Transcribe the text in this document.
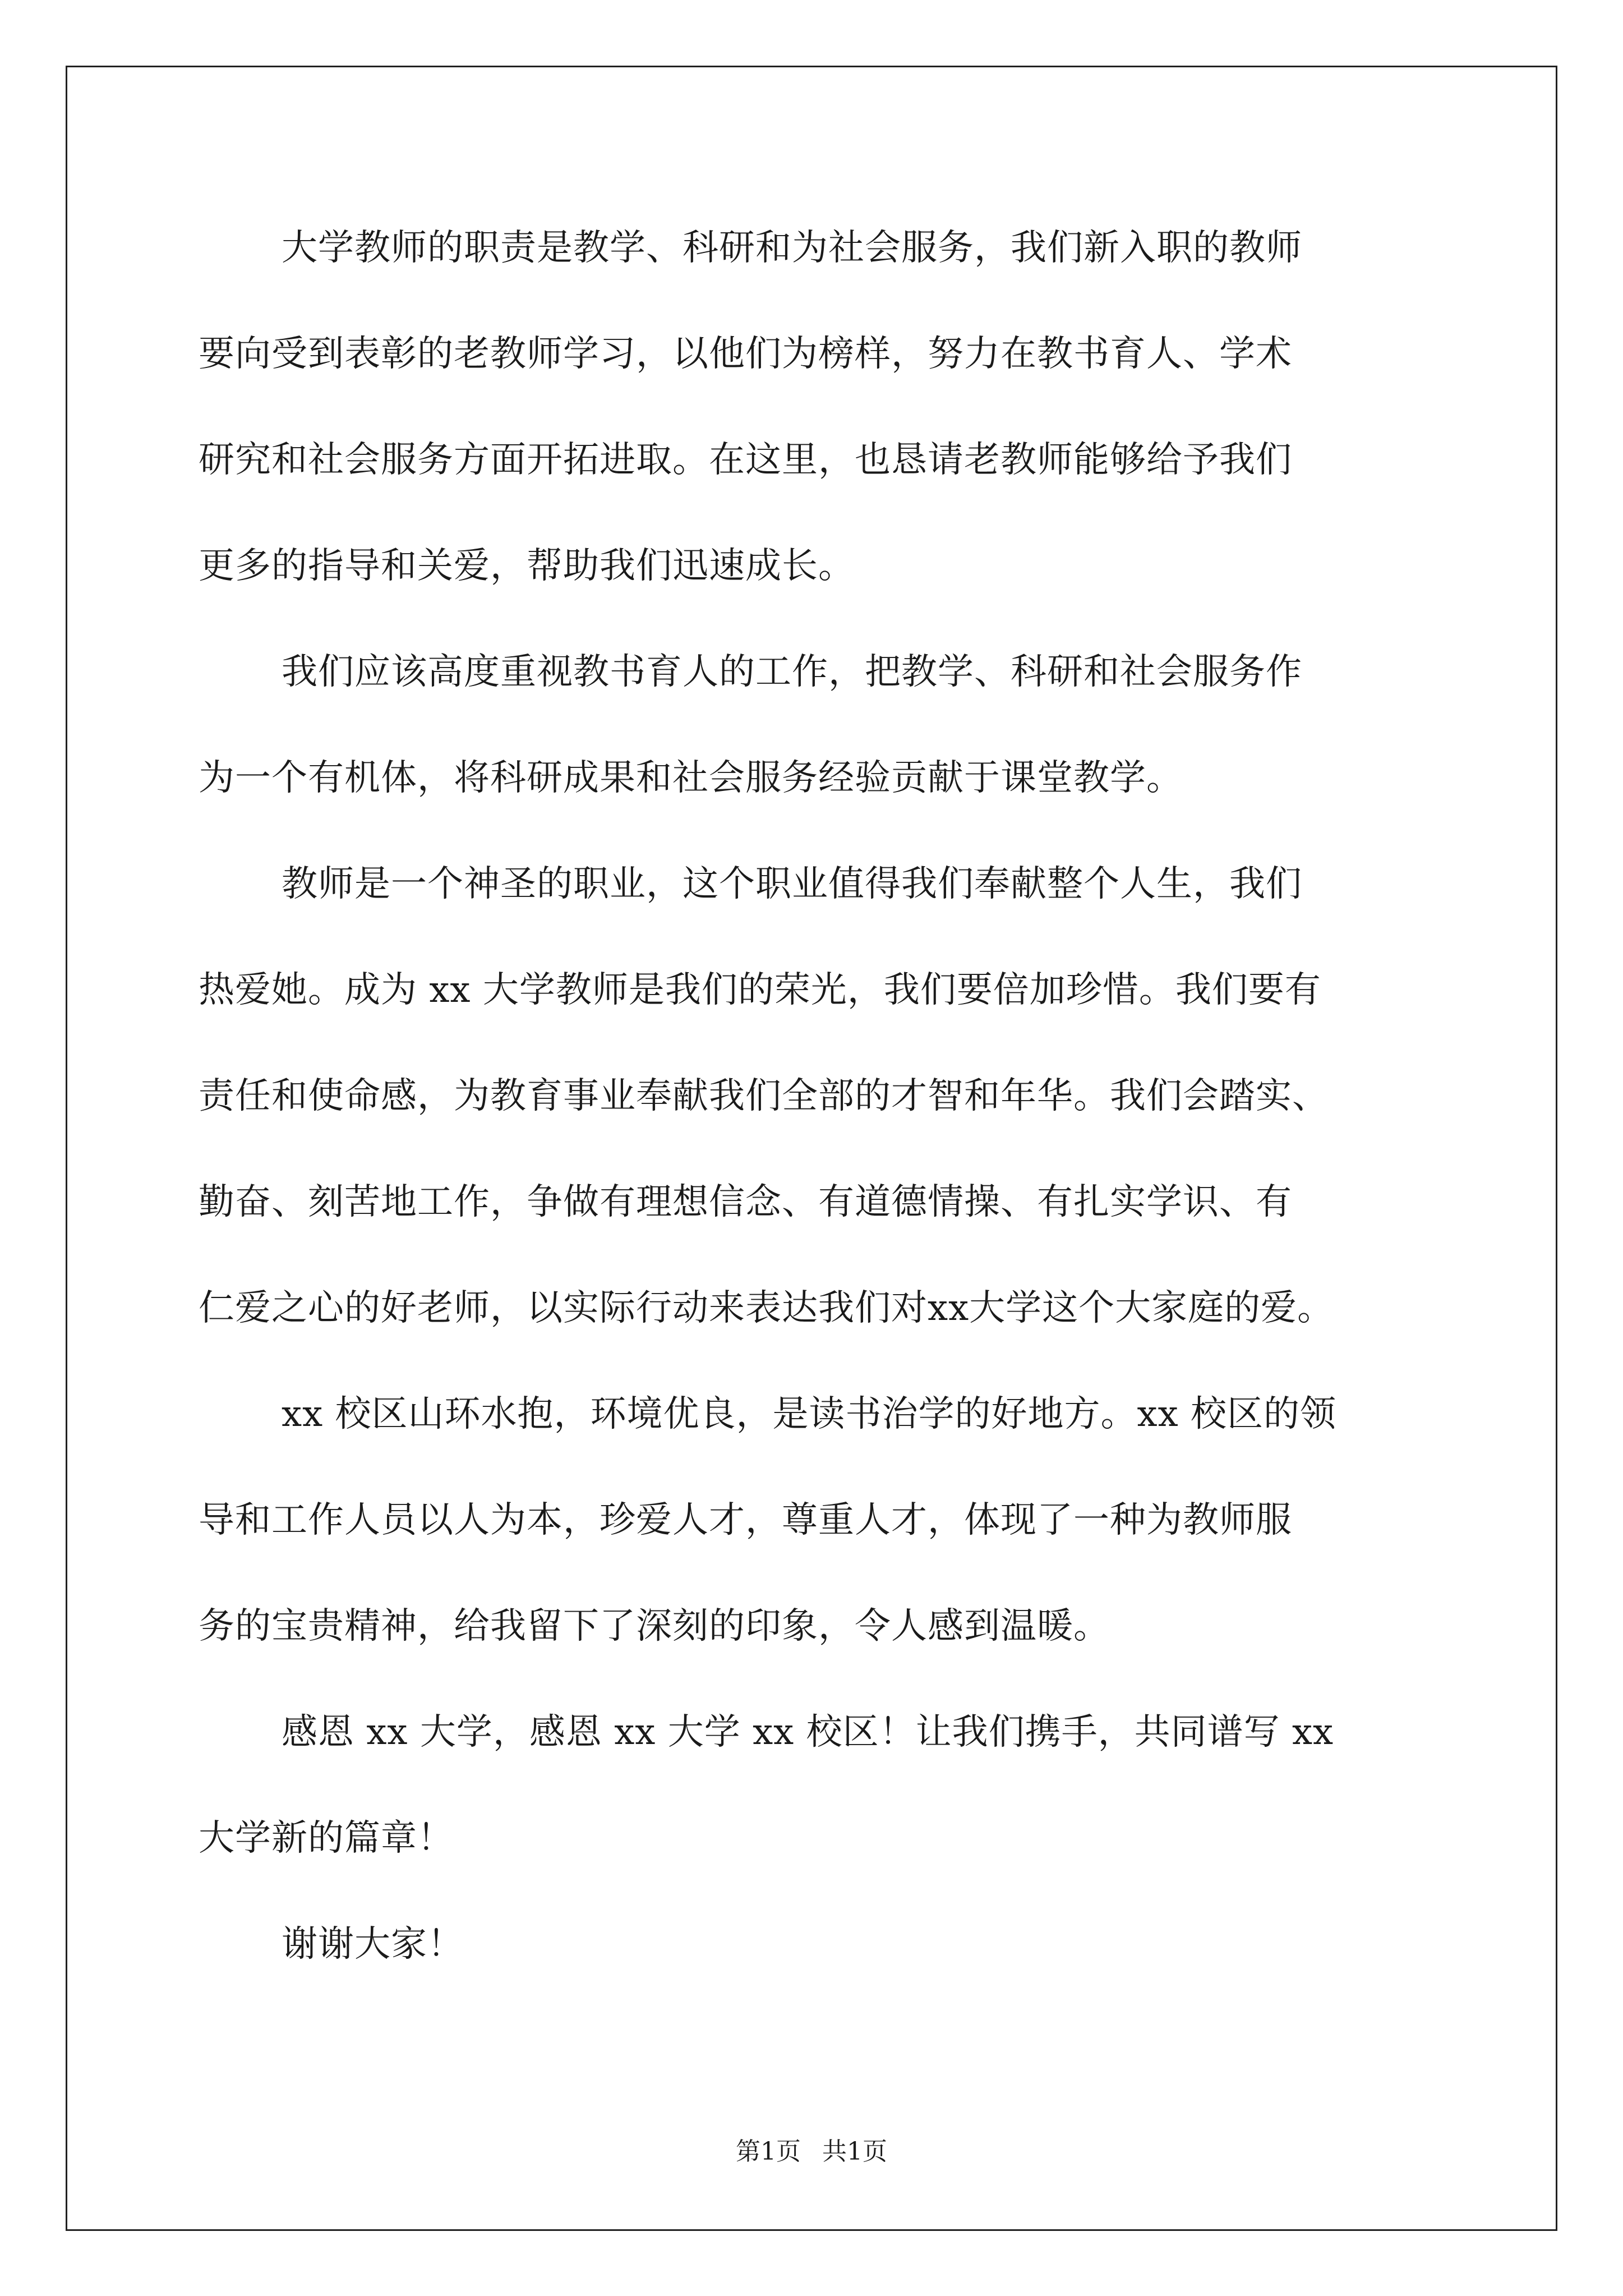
大学教师的职责是教学、科研和为社会服务，我们新入职的教师
要向受到表彰的老教师学习，以他们为榜样，努力在教书育人、学术
研究和社会服务方面开拓进取。在这里，也恳请老教师能够给予我们
更多的指导和关爱，帮助我们迅速成长。
我们应该高度重视教书育人的工作，把教学、科研和社会服务作
为一个有机体，将科研成果和社会服务经验贡献于课堂教学。
教师是一个神圣的职业，这个职业值得我们奉献整个人生，我们
热爱她。成为 xx 大学教师是我们的荣光，我们要倍加珍惜。我们要有
责任和使命感，为教育事业奉献我们全部的才智和年华。我们会踏实、
勤奋、刻苦地工作，争做有理想信念、有道德情操、有扎实学识、有
仁爱之心的好老师，以实际行动来表达我们对xx大学这个大家庭的爱。
xx 校区山环水抱，环境优良，是读书治学的好地方。xx 校区的领
导和工作人员以人为本，珍爱人才，尊重人才，体现了一种为教师服
务的宝贵精神，给我留下了深刻的印象，令人感到温暖。
感恩 xx 大学，感恩 xx 大学 xx 校区！让我们携手，共同谱写 xx
大学新的篇章！
谢谢大家！
第1页 共1页
